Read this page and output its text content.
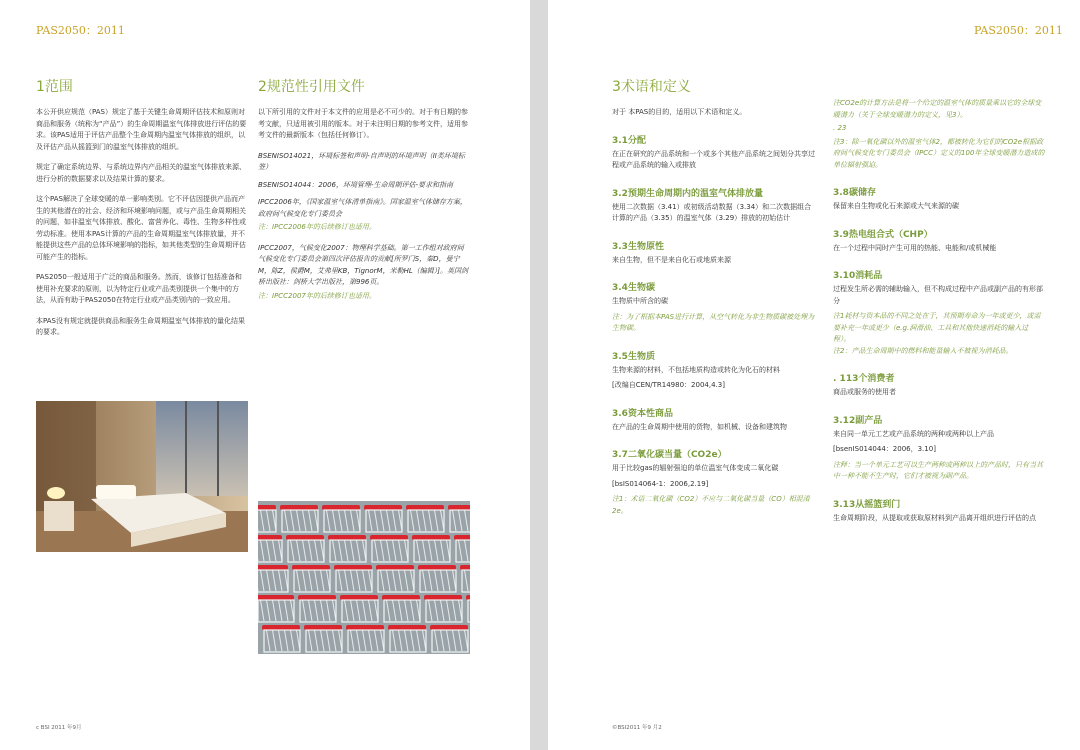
PAS2050：2011
1范围
本公开供应规范（PAS）规定了基于关键生命周期评估技术和原则对商品和服务（统称为“产品”）的生命周期温室气体排放进行评估的要求。该PAS适用于评估产品整个生命周期内温室气体排放的组织，以及评估产品从摇篮到门的温室气体排放的组织。
规定了确定系统边界、与系统边界内产品相关的温室气体排放来源、进行分析的数据要求以及结果计算的要求。
这个PAS解决了全球变暖的单一影响类别。它不评估因提供产品而产生的其他潜在的社会、经济和环境影响问题，或与产品生命周期相关的问题，如非温室气体排放、酸化、富营养化、毒性、生物多样性或劳动标准。使用本PAS计算的产品的生命周期温室气体排放量，并不能提供这些产品的总体环境影响的指标，如其他类型的生命周期评估可能产生的指标。
PAS2050一般适用于广泛的商品和服务。然而，该修订包括准备和使用补充要求的原则，以为特定行业或产品类别提供一个集中的方法，从而有助于PAS2050在特定行业或产品类别内的一致应用。
本PAS没有规定就提供商品和服务生命周期温室气体排放的量化结果的要求。
2规范性引用文件
以下所引用的文件对于本文件的应用是必不可少的。对于有日期的参考文献，只适用被引用的版本。对于未注明日期的参考文件，适用参考文件的最新版本（包括任何修订）。
BSENISO14021，环境标签和声明-自声明的环境声明（II类环境标签）
BSENISO14044：2006，环境管理-生命周期评估-要求和指南
IPCC2006年，《国家温室气体清单指南》。国家温室气体储存方案，政府间气候变化专门委员会
注：IPCC2006年的后续修订也适用。
IPCC2007，气候变化2007：物理科学基础。第一工作组对政府间气候变化专门委员会第四次评估报告的贡献[所罗门S，秦D，曼宁M，陈Z，侯爵M，艾弗里KB，TignorM，米勒HL（编辑）]。英国剑桥出版社：剑桥大学出版社，第996页。
注：IPCC2007年的后续修订也适用。
c BSI 2011 年9月
PAS2050：2011
3术语和定义
对于 本PAS的目的，适用以下术语和定义。
3.1分配
在正在研究的产品系统和一个或多个其他产品系统之间划分共享过程或产品系统的输入或排放
3.2预期生命周期内的温室气体排放量
使用二次数据（3.41）或初级活动数据（3.34）和二次数据组合计算的产品（3.35）的温室气体（3.29）排放的初始估计
3.3生物原性
来自生物，但不是来自化石或地质来源
3.4生物碳
生物质中所含的碳
注：为了根据本PAS进行计算，从空气转化为非生物质碳被处理为生物碳。
3.5生物质
生物来源的材料，不包括地质构造或转化为化石的材料
[改编自CEN/TR14980：2004,4.3]
3.6资本性商品
在产品的生命周期中使用的货物，如机械、设备和建筑物
3.7二氧化碳当量（CO2e）
用于比较gas的辐射强迫的单位温室气体变成二氧化碳
[bsIS014064-1：2006,2.19]
注1：术语二氧化碳（CO2）不应与二氧化碳当量（CO）相混淆2e。
注CO2e的计算方法是将一个给定的温室气体的质量乘以它的全球变暖潜力（关于全球变暖潜力的定义，见3）。
. 23
注3：除一氧化碳以外的温室气体2，都被转化为它们的CO2e根据政府间气候变化专门委员会（IPCC）定义的100年全球变暖潜力造成的单位辐射强迫。
3.8碳储存
保留来自生物或化石来源或大气来源的碳
3.9热电组合式（CHP）
在一个过程中同时产生可用的热能、电能和/或机械能
3.10消耗品
过程发生所必需的辅助输入，但不构成过程中产品或副产品的有形部分
注1耗材与资本品的不同之处在于，其预期寿命为一年或更少，或需要补充一年或更少（e.g.润滑油、工具和其他快速消耗的输入过程）。
注2：产品生命周期中的燃料和能量输入不被视为消耗品。
. 113个消费者
商品或服务的使用者
3.12副产品
来自同一单元工艺或产品系统的两种或两种以上产品
[bsenIS014044：2006，3.10]
注释：当一个单元工艺可以生产两种或两种以上的产品时，只有当其中一种不能不生产时，它们才被视为副产品。
3.13从摇篮到门
生命周期阶段，从提取或获取原材料到产品离开组织进行评估的点
©BSI2011 年9 月2
